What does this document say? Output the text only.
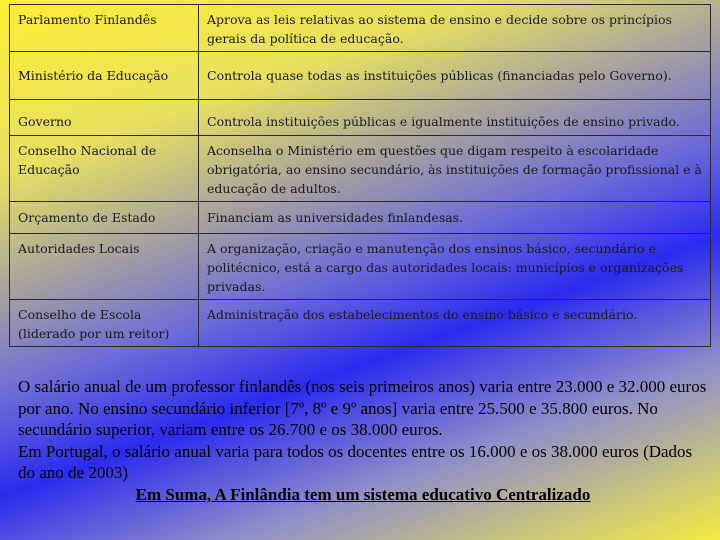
Parlamento Finlandês	Aprova as leis relativas ao sistema de ensino e decide sobre os princípios gerais da política de educação.
Ministério da Educação	Controla quase todas as instituições públicas (financiadas pelo Governo).
Governo	Controla instituições públicas e igualmente instituições de ensino privado.
Conselho Nacional de Educação	Aconselha o Ministério em questões que digam respeito à escolaridade obrigatória, ao ensino secundário, às instituições de formação profissional e à educação de adultos.
Orçamento de Estado	Financiam as universidades finlandesas.
Autoridades Locais	A organização, criação e manutenção dos ensinos básico, secundário e politécnico, está a cargo das autoridades locais: municípios e organizações privadas.
Conselho de Escola (liderado por um reitor)	Administração dos estabelecimentos do ensino básico e secundário.

O salário anual de um professor finlandês (nos seis primeiros anos) varia entre 23.000 e 32.000 euros por ano. No ensino secundário inferior [7º, 8º e 9º anos] varia entre 25.500 e 35.800 euros. No secundário superior, variam entre os 26.700 e os 38.000 euros.

Em Portugal, o salário anual varia para todos os docentes entre os 16.000 e os 38.000 euros (Dados do ano de 2003)

Em Suma, A Finlândia tem um sistema educativo Centralizado
